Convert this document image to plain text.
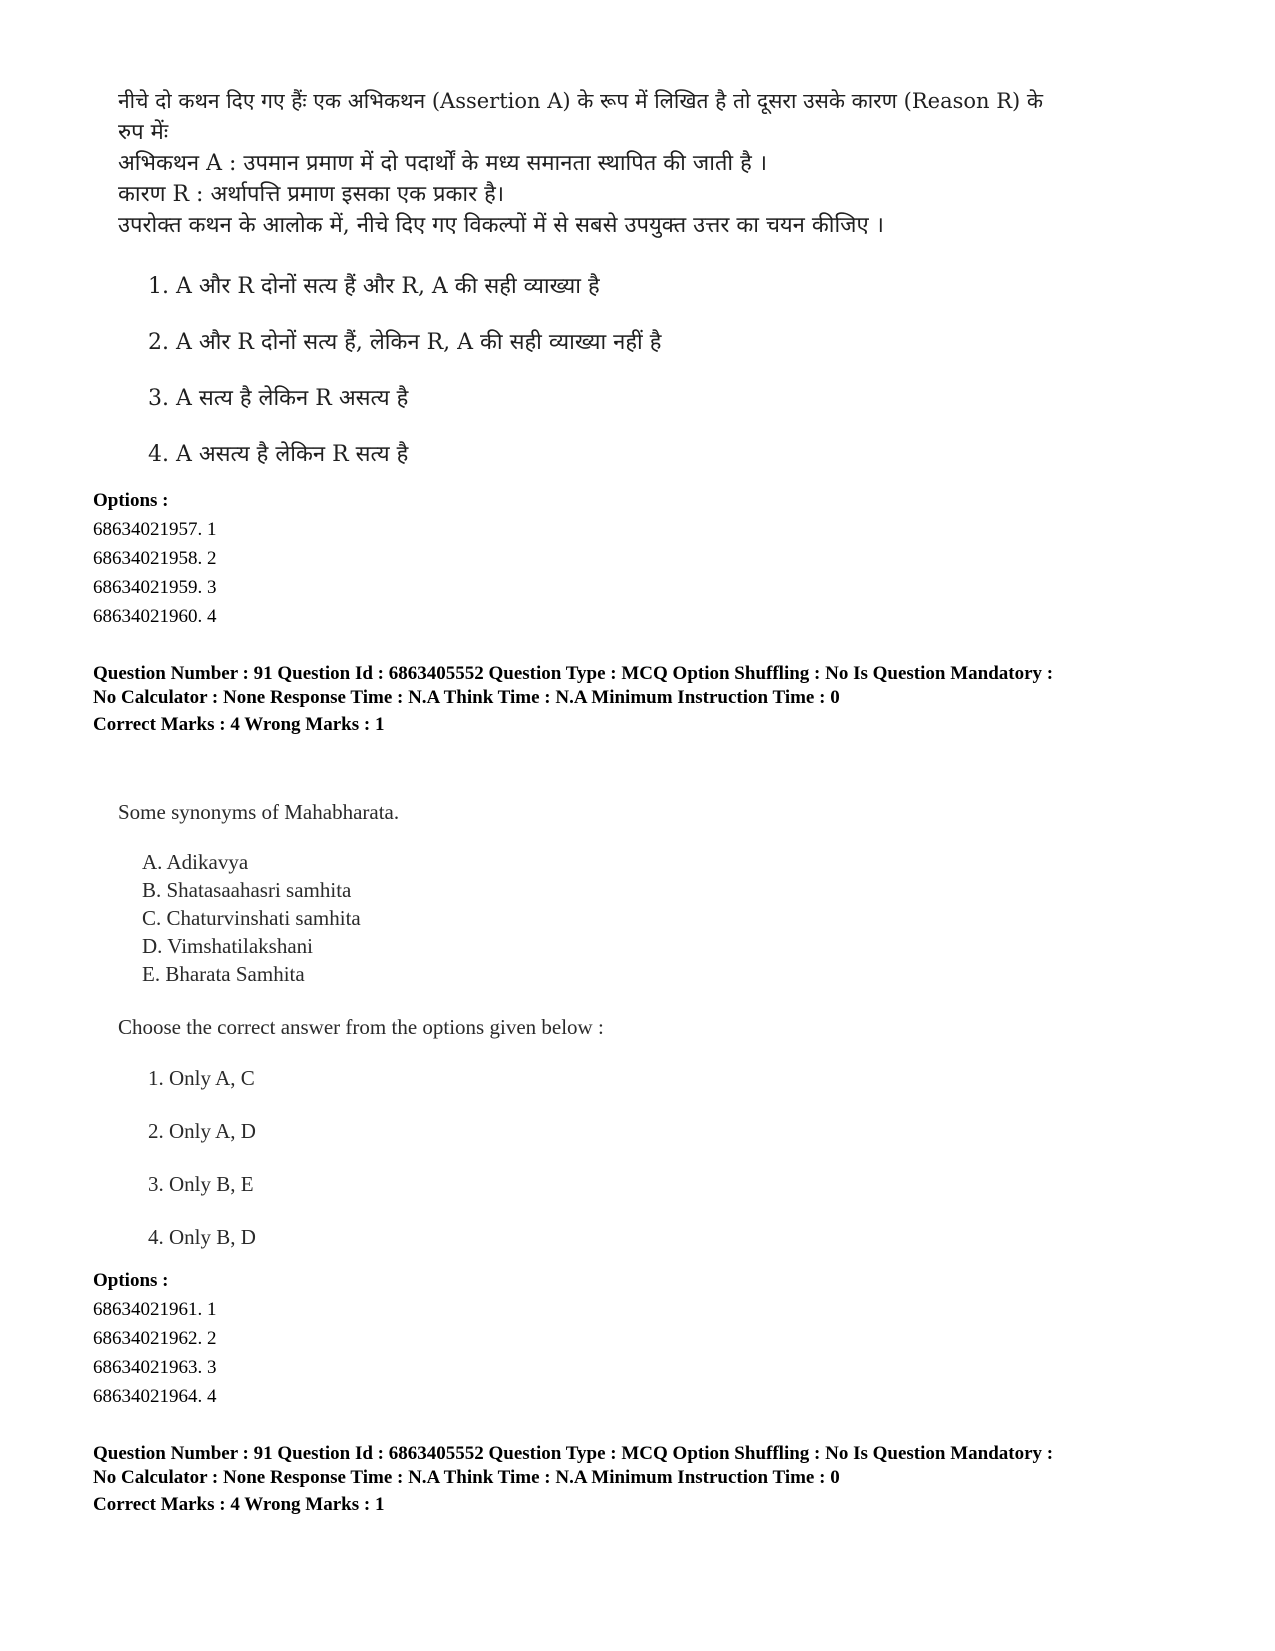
नीचे दो कथन दिए गए हैंः एक अभिकथन (Assertion A) के रूप में लिखित है तो दूसरा उसके कारण (Reason R) के
रुप मेंः
अभिकथन A : उपमान प्रमाण में दो पदार्थों के मध्य समानता स्थापित की जाती है ।
कारण R : अर्थापत्ति प्रमाण इसका एक प्रकार है।
उपरोक्त कथन के आलोक में, नीचे दिए गए विकल्पों में से सबसे उपयुक्त उत्तर का चयन कीजिए ।
1. A और R दोनों सत्य हैं और R, A की सही व्याख्या है
2. A और R दोनों सत्य हैं, लेकिन R, A की सही व्याख्या नहीं है
3. A सत्य है लेकिन R असत्य है
4. A असत्य है लेकिन R सत्य है
Options :
68634021957. 1
68634021958. 2
68634021959. 3
68634021960. 4
Question Number : 91 Question Id : 6863405552 Question Type : MCQ Option Shuffling : No Is Question Mandatory :
No Calculator : None Response Time : N.A Think Time : N.A Minimum Instruction Time : 0
Correct Marks : 4 Wrong Marks : 1
Some synonyms of Mahabharata.
A. Adikavya
B. Shatasaahasri samhita
C. Chaturvinshati samhita
D. Vimshatilakshani
E. Bharata Samhita
Choose the correct answer from the options given below :
1. Only A, C
2. Only A, D
3. Only B, E
4. Only B, D
Options :
68634021961. 1
68634021962. 2
68634021963. 3
68634021964. 4
Question Number : 91 Question Id : 6863405552 Question Type : MCQ Option Shuffling : No Is Question Mandatory :
No Calculator : None Response Time : N.A Think Time : N.A Minimum Instruction Time : 0
Correct Marks : 4 Wrong Marks : 1
